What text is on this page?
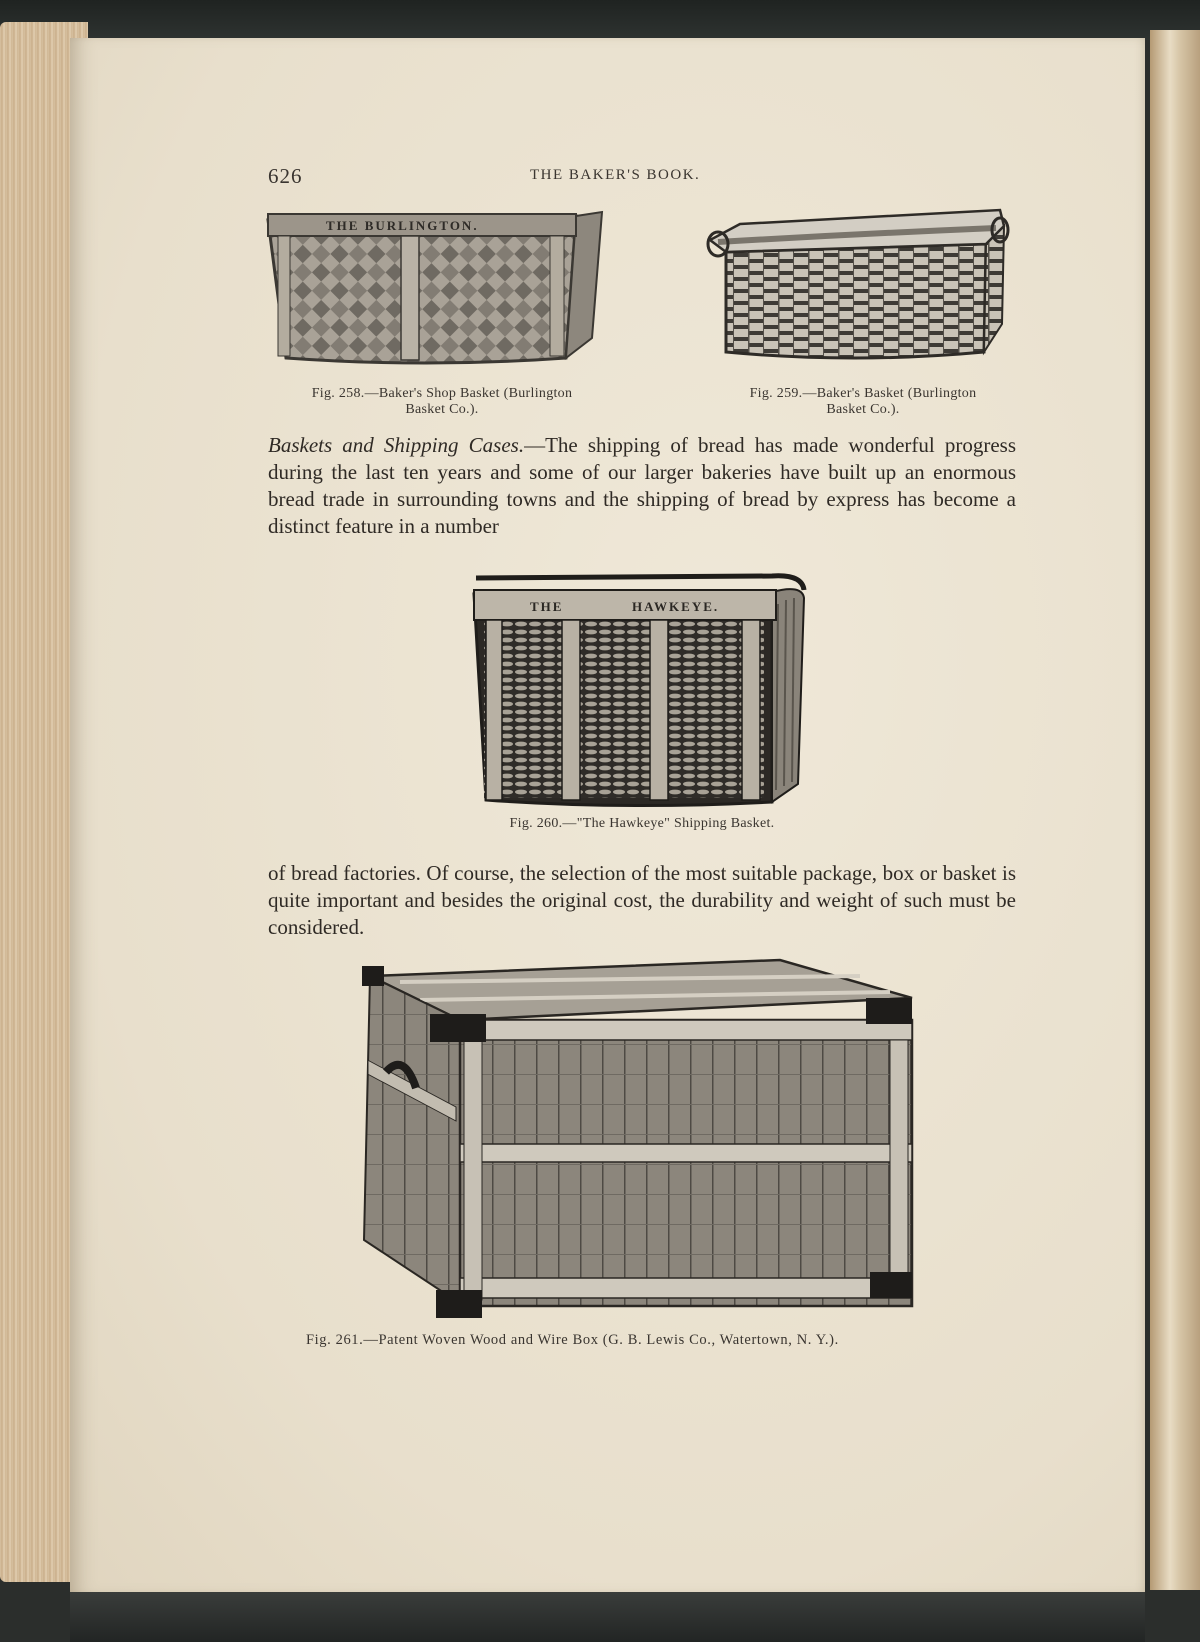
626	THE BAKER'S BOOK.
THE BURLINGTON.
Fig. 258.—Baker's Shop Basket (Burlington
Basket Co.).
Fig. 259.—Baker's Basket (Burlington
Basket Co.).

Baskets and Shipping Cases.—The shipping of bread has made wonderful progress during the last ten years and some of our larger bakeries have built up an enormous bread trade in surrounding towns and the shipping of bread by express has become a distinct feature in a number

THE	HAWKEYE.
Fig. 260.—"The Hawkeye" Shipping Basket.

of bread factories. Of course, the selection of the most suitable package, box or basket is quite important and besides the original cost, the durability and weight of such must be considered.

Fig. 261.—Patent Woven Wood and Wire Box (G. B. Lewis Co., Watertown, N. Y.).
